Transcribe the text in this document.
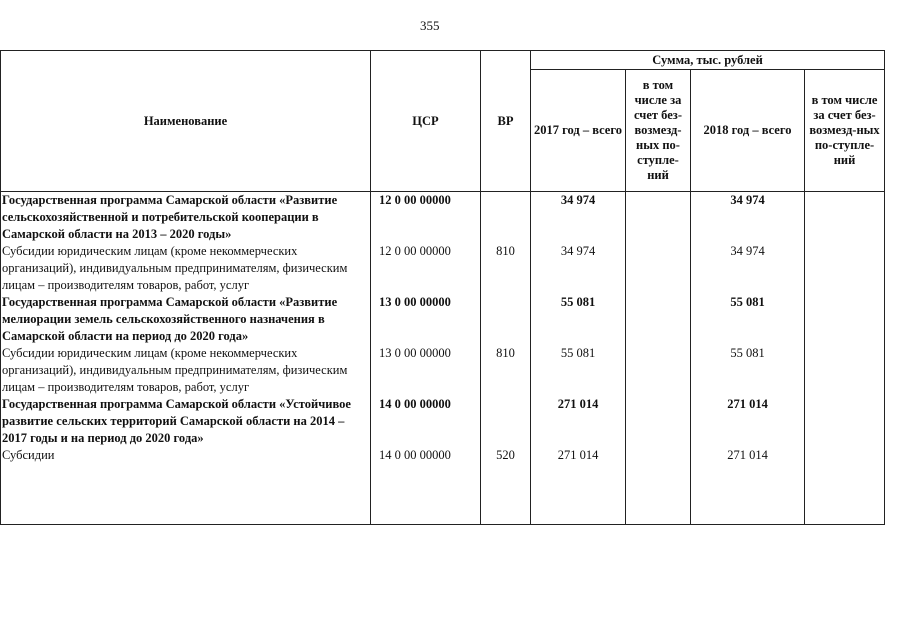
355
Наименование	ЦСР	ВР	Сумма, тыс. рублей			
			2017 год – всего	в том числе за счет без-возмезд-ных по-ступле-ний	2018 год – всего	в том числе за счет без-возмезд-ных по-ступле-ний
Государственная программа Самарской области «Развитие сельскохозяйственной и потребительской кооперации в Самарской области на 2013 – 2020 годы»	12 0 00 00000		34 974		34 974	
Субсидии юридическим лицам (кроме некоммерческих организаций), индивидуальным предпринимателям, физическим лицам – производителям товаров, работ, услуг	12 0 00 00000	810	34 974		34 974	
Государственная программа Самарской области «Развитие мелиорации земель сельскохозяйственного назначения в Самарской области на период до 2020 года»	13 0 00 00000		55 081		55 081	
Субсидии юридическим лицам (кроме некоммерческих организаций), индивидуальным предпринимателям, физическим лицам – производителям товаров, работ, услуг	13 0 00 00000	810	55 081		55 081	
Государственная программа Самарской области «Устойчивое развитие сельских территорий Самарской области на 2014 – 2017 годы и на период до 2020 года»	14 0 00 00000		271 014		271 014	
Субсидии	14 0 00 00000	520	271 014		271 014	
